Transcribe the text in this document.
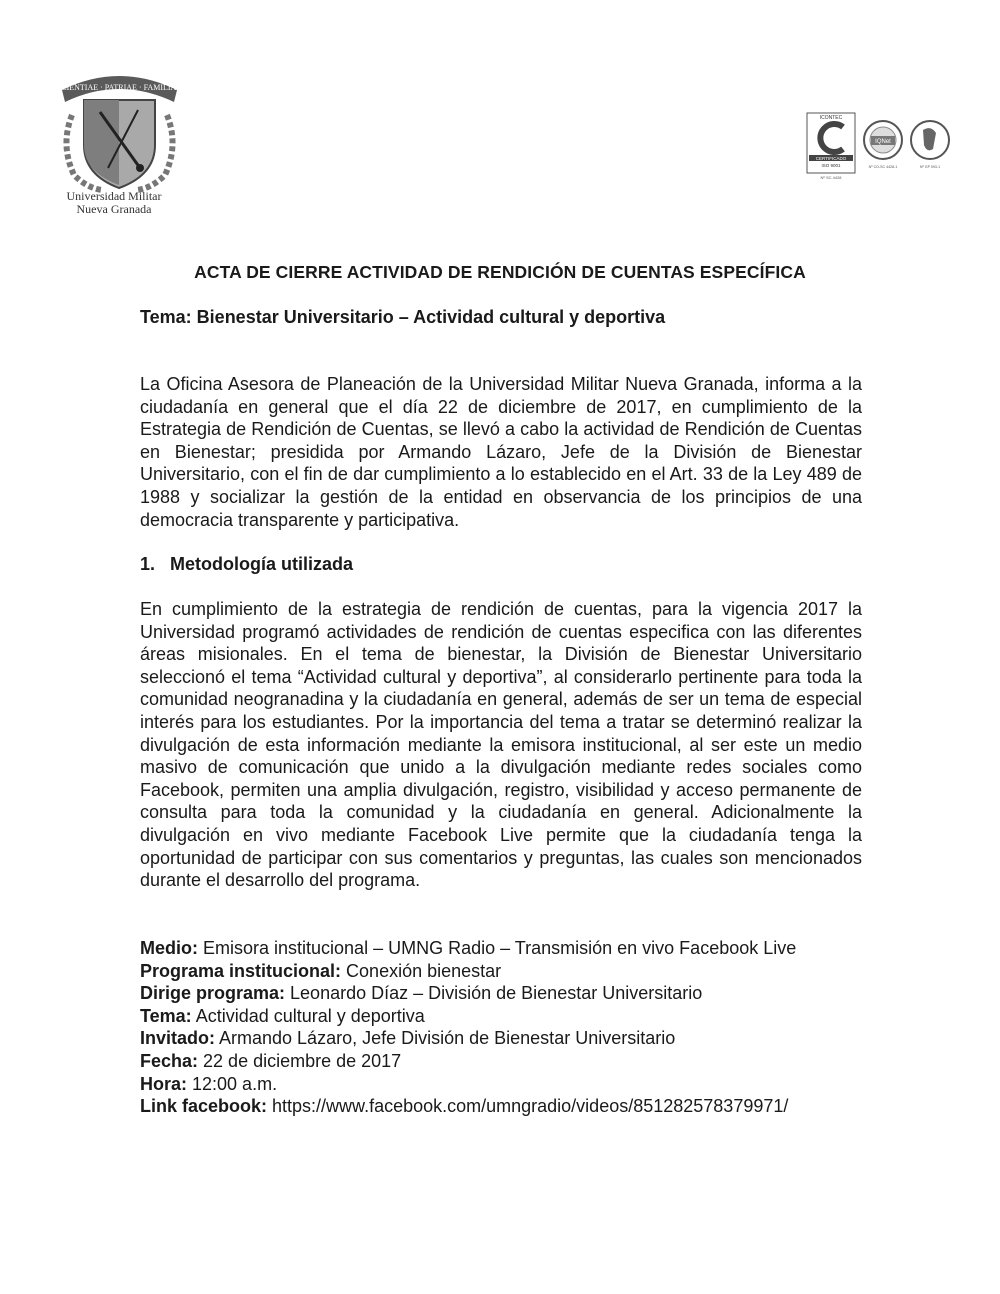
SCIENTIAE · PATRIAE · FAMILIAE
Universidad Militar
Nueva Granada
ICONTEC
CERTIFICADO
ISO 9001
Nº SC 4428
IQNet
Nº CO-SC 4428-1	Nº GP 093-1
ACTA DE CIERRE ACTIVIDAD DE RENDICIÓN DE CUENTAS ESPECÍFICA
Tema: Bienestar Universitario – Actividad cultural y deportiva

La Oficina Asesora de Planeación de la Universidad Militar Nueva Granada, informa a la ciudadanía en general que el día 22 de diciembre de 2017, en cumplimiento de la Estrategia de Rendición de Cuentas, se llevó a cabo la actividad de Rendición de Cuentas en Bienestar; presidida por Armando Lázaro, Jefe de la División de Bienestar Universitario, con el fin de dar cumplimiento a lo establecido en el Art. 33 de la Ley 489 de 1988 y socializar la gestión de la entidad en observancia de los principios de una democracia transparente y participativa.

1. Metodología utilizada

En cumplimiento de la estrategia de rendición de cuentas, para la vigencia 2017 la Universidad programó actividades de rendición de cuentas especifica con las diferentes áreas misionales. En el tema de bienestar, la División de Bienestar Universitario seleccionó el tema “Actividad cultural y deportiva”, al considerarlo pertinente para toda la comunidad neogranadina y la ciudadanía en general, además de ser un tema de especial interés para los estudiantes. Por la importancia del tema a tratar se determinó realizar la divulgación de esta información mediante la emisora institucional, al ser este un medio masivo de comunicación que unido a la divulgación mediante redes sociales como Facebook, permiten una amplia divulgación, registro, visibilidad y acceso permanente de consulta para toda la comunidad y la ciudadanía en general. Adicionalmente la divulgación en vivo mediante Facebook Live permite que la ciudadanía tenga la oportunidad de participar con sus comentarios y preguntas, las cuales son mencionados durante el desarrollo del programa.

Medio: Emisora institucional – UMNG Radio – Transmisión en vivo Facebook Live
Programa institucional: Conexión bienestar
Dirige programa: Leonardo Díaz – División de Bienestar Universitario
Tema: Actividad cultural y deportiva
Invitado: Armando Lázaro, Jefe División de Bienestar Universitario
Fecha: 22 de diciembre de 2017
Hora: 12:00 a.m.
Link facebook: https://www.facebook.com/umngradio/videos/851282578379971/
